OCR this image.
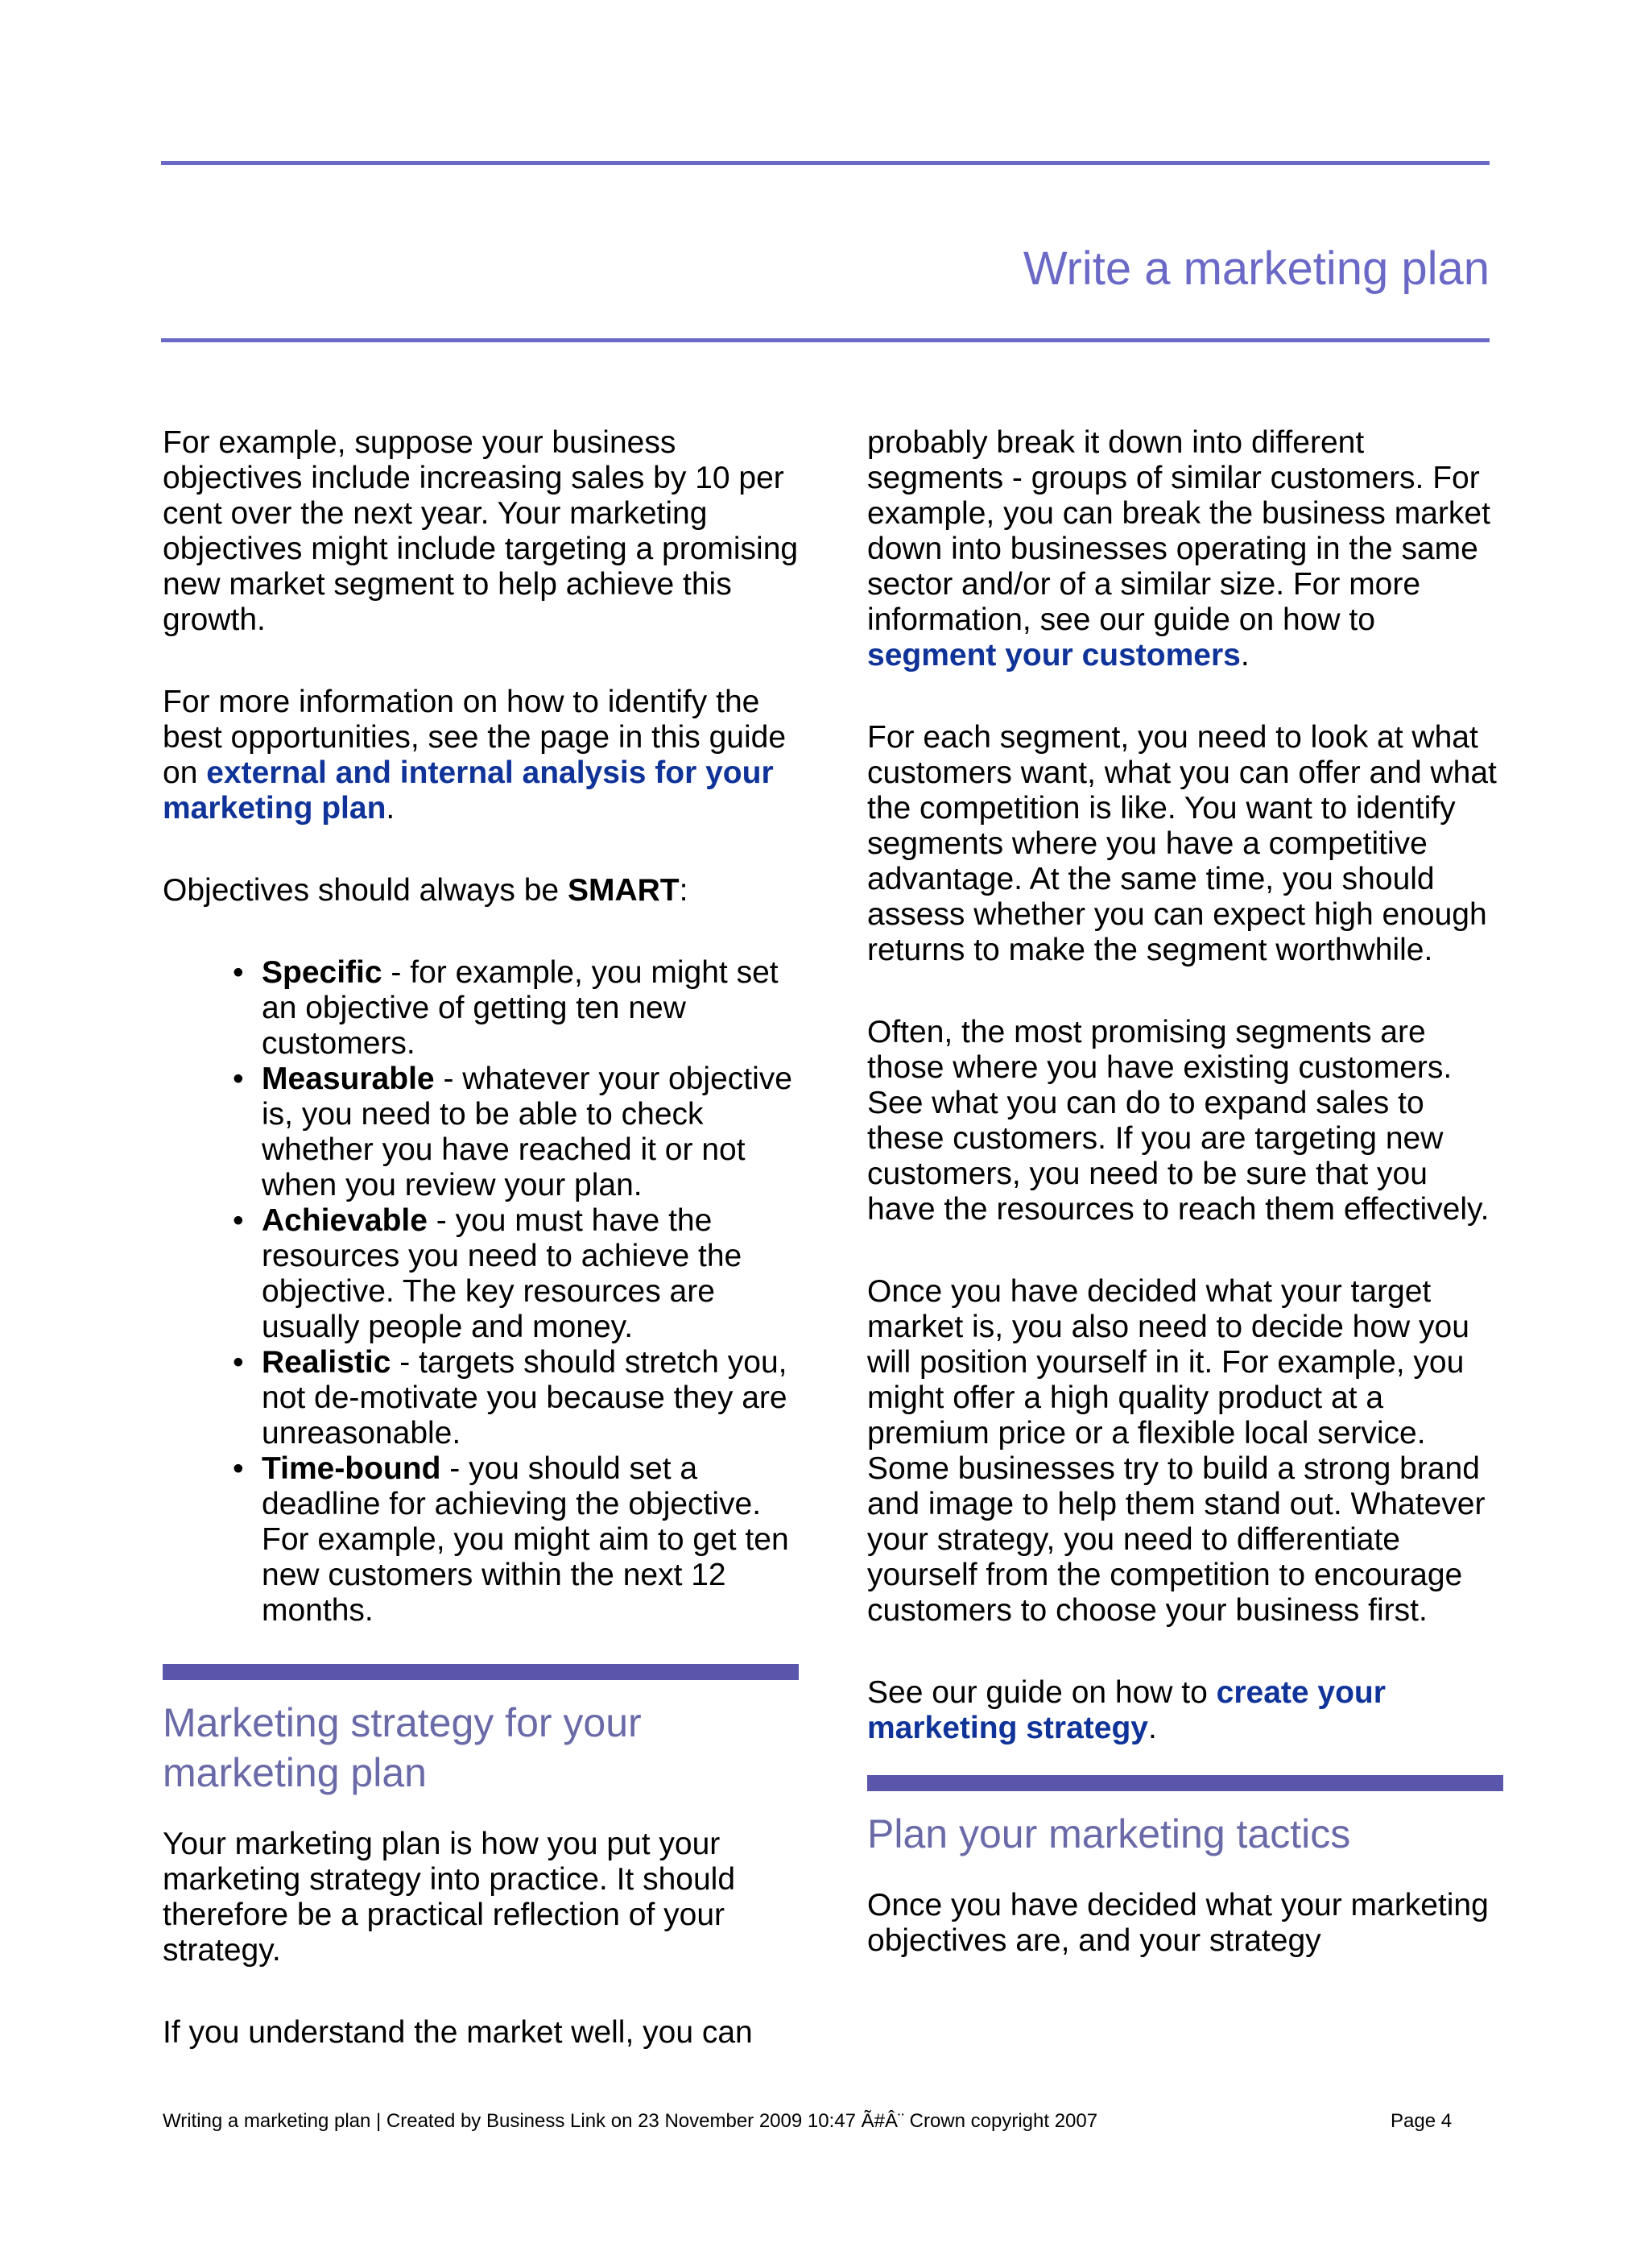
Write a marketing plan

For example, suppose your business objectives include increasing sales by 10 per cent over the next year. Your marketing objectives might include targeting a promising new market segment to help achieve this growth.

For more information on how to identify the best opportunities, see the page in this guide on external and internal analysis for your marketing plan.

Objectives should always be SMART:

• Specific - for example, you might set an objective of getting ten new customers.
• Measurable - whatever your objective is, you need to be able to check whether you have reached it or not when you review your plan.
• Achievable - you must have the resources you need to achieve the objective. The key resources are usually people and money.
• Realistic - targets should stretch you, not de-motivate you because they are unreasonable.
• Time-bound - you should set a deadline for achieving the objective. For example, you might aim to get ten new customers within the next 12 months.
Marketing strategy for your marketing plan

Your marketing plan is how you put your marketing strategy into practice. It should therefore be a practical reflection of your strategy.

If you understand the market well, you can

probably break it down into different segments - groups of similar customers. For example, you can break the business market down into businesses operating in the same sector and/or of a similar size. For more information, see our guide on how to segment your customers.

For each segment, you need to look at what customers want, what you can offer and what the competition is like. You want to identify segments where you have a competitive advantage. At the same time, you should assess whether you can expect high enough returns to make the segment worthwhile.

Often, the most promising segments are those where you have existing customers. See what you can do to expand sales to these customers. If you are targeting new customers, you need to be sure that you have the resources to reach them effectively.

Once you have decided what your target market is, you also need to decide how you will position yourself in it. For example, you might offer a high quality product at a premium price or a flexible local service. Some businesses try to build a strong brand and image to help them stand out. Whatever your strategy, you need to differentiate yourself from the competition to encourage customers to choose your business first.

See our guide on how to create your marketing strategy.

Plan your marketing tactics

Once you have decided what your marketing objectives are, and your strategy

Writing a marketing plan | Created by Business Link on 23 November 2009 10:47 Ã#Â¨ Crown copyright 2007	Page 4
